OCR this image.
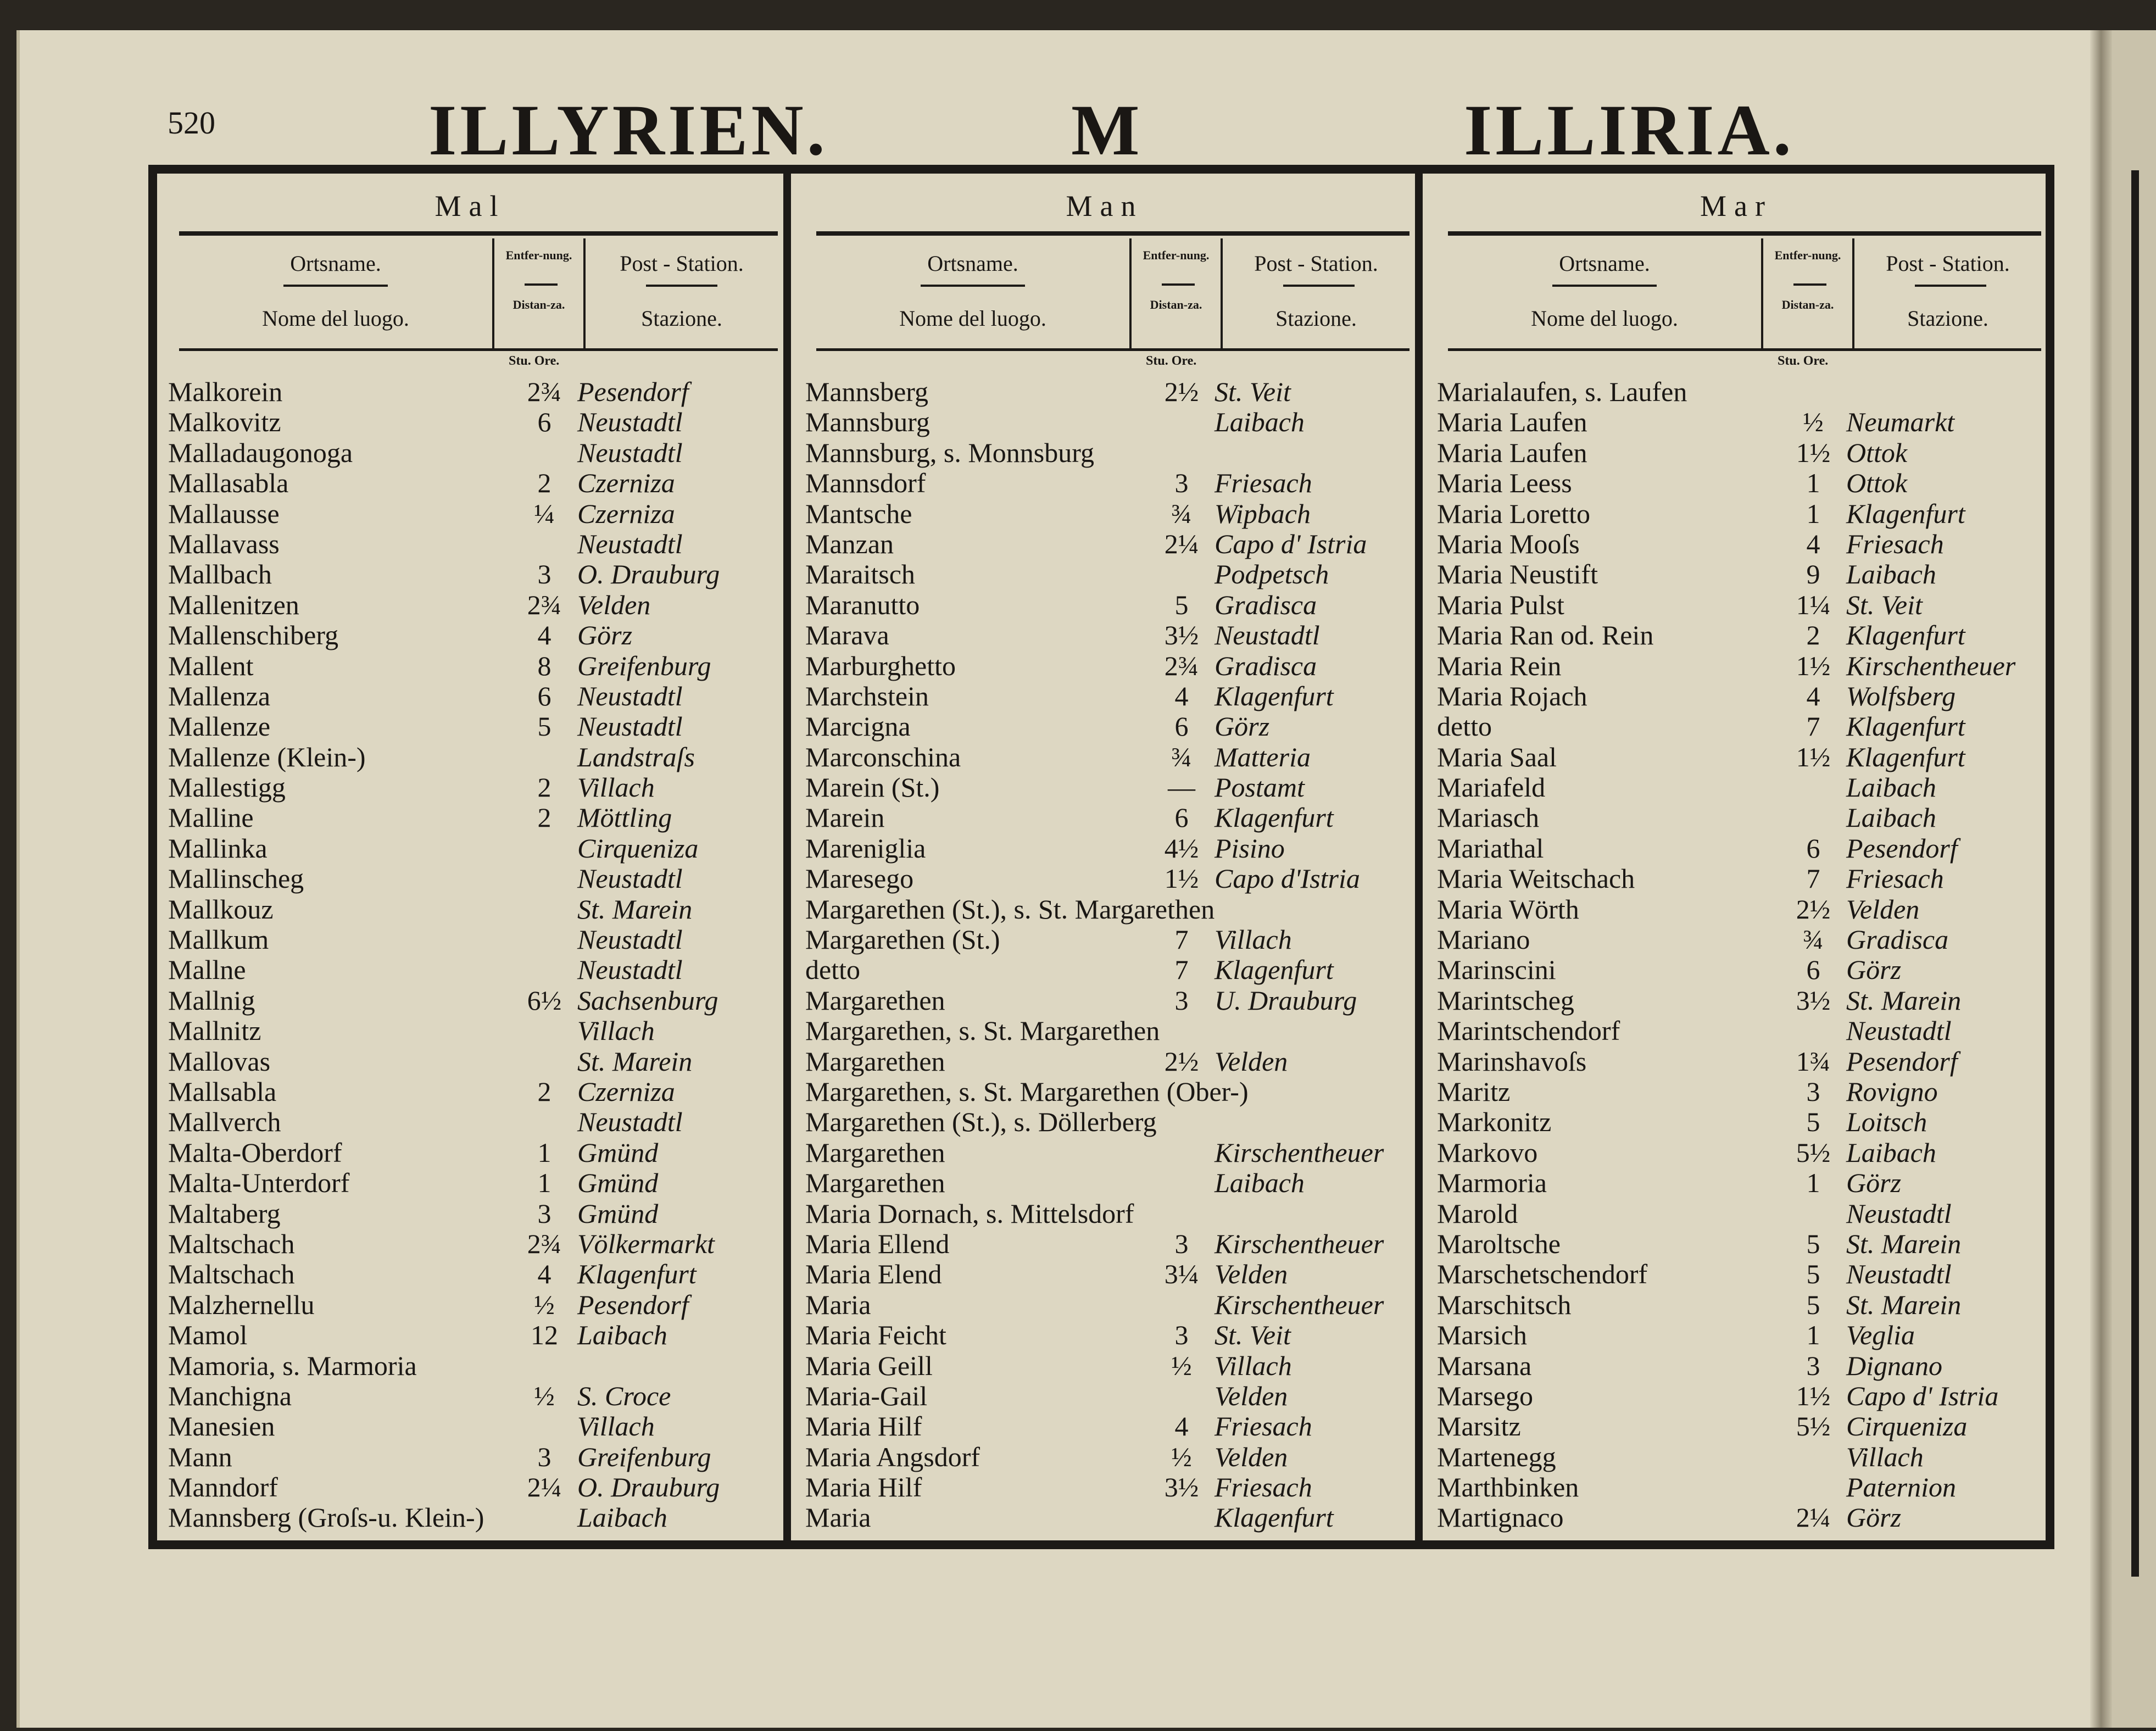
520	ILLYRIEN.	M	ILLIRIA.
Mal
Ortsname.
Nome del luogo.
Entfer-nung.
Distan-za.
Post - Station.
Stazione.
Stu. Ore.
Malkorein	2¾ Pesendorf
Malkovitz	6 Neustadtl
Malladaugonoga	Neustadtl
Mallasabla	2 Czerniza
Mallausse	¼ Czerniza
Mallavass	Neustadtl
Mallbach	3 O. Drauburg
Mallenitzen	2¾ Velden
Mallenschiberg	4 Görz
Mallent	8 Greifenburg
Mallenza	6 Neustadtl
Mallenze	5 Neustadtl
Mallenze (Klein-)	Landstraſs
Mallestigg	2 Villach
Malline	2 Möttling
Mallinka	Cirqueniza
Mallinscheg	Neustadtl
Mallkouz	St. Marein
Mallkum	Neustadtl
Mallne	Neustadtl
Mallnig	6½ Sachsenburg
Mallnitz	Villach
Mallovas	St. Marein
Mallsabla	2 Czerniza
Mallverch	Neustadtl
Malta-Oberdorf	1 Gmünd
Malta-Unterdorf	1 Gmünd
Maltaberg	3 Gmünd
Maltschach	2¾ Völkermarkt
Maltschach	4 Klagenfurt
Malzhernellu	½ Pesendorf
Mamol	12 Laibach
Mamoria, s. Marmoria
Manchigna	½ S. Croce
Manesien	Villach
Mann	3 Greifenburg
Manndorf	2¼ O. Drauburg
Mannsberg (Groſs-u. Klein-)	Laibach
Man
Ortsname.
Nome del luogo.
Entfer-nung.
Distan-za.
Post - Station.
Stazione.
Stu. Ore.
Mannsberg	2½ St. Veit
Mannsburg	Laibach
Mannsburg, s. Monnsburg
Mannsdorf	3 Friesach
Mantsche	¾ Wipbach
Manzan	2¼ Capo d' Istria
Maraitsch	Podpetsch
Maranutto	5 Gradisca
Marava	3½ Neustadtl
Marburghetto	2¾ Gradisca
Marchstein	4 Klagenfurt
Marcigna	6 Görz
Marconschina	¾ Matteria
Marein (St.)	— Postamt
Marein	6 Klagenfurt
Mareniglia	4½ Pisino
Maresego	1½ Capo d'Istria
Margarethen (St.), s. St. Margarethen
Margarethen (St.)	7 Villach
detto	7 Klagenfurt
Margarethen	3 U. Drauburg
Margarethen, s. St. Margarethen
Margarethen	2½ Velden
Margarethen, s. St. Margarethen (Ober-)
Margarethen (St.), s. Döllerberg
Margarethen	Kirschentheuer
Margarethen	Laibach
Maria Dornach, s. Mittelsdorf
Maria Ellend	3 Kirschentheuer
Maria Elend	3¼ Velden
Maria	Kirschentheuer
Maria Feicht	3 St. Veit
Maria Geill	½ Villach
Maria-Gail	Velden
Maria Hilf	4 Friesach
Maria Angsdorf	½ Velden
Maria Hilf	3½ Friesach
Maria	Klagenfurt
Mar
Ortsname.
Nome del luogo.
Entfer-nung.
Distan-za.
Post - Station.
Stazione.
Stu. Ore.
Marialaufen, s. Laufen
Maria Laufen	½ Neumarkt
Maria Laufen	1½ Ottok
Maria Leess	1 Ottok
Maria Loretto	1 Klagenfurt
Maria Mooſs	4 Friesach
Maria Neustift	9 Laibach
Maria Pulst	1¼ St. Veit
Maria Ran od. Rein	2 Klagenfurt
Maria Rein	1½ Kirschentheuer
Maria Rojach	4 Wolfsberg
detto	7 Klagenfurt
Maria Saal	1½ Klagenfurt
Mariafeld	Laibach
Mariasch	Laibach
Mariathal	6 Pesendorf
Maria Weitschach	7 Friesach
Maria Wörth	2½ Velden
Mariano	¾ Gradisca
Marinscini	6 Görz
Marintscheg	3½ St. Marein
Marintschendorf	Neustadtl
Marinshavoſs	1¾ Pesendorf
Maritz	3 Rovigno
Markonitz	5 Loitsch
Markovo	5½ Laibach
Marmoria	1 Görz
Marold	Neustadtl
Maroltsche	5 St. Marein
Marschetschendorf	5 Neustadtl
Marschitsch	5 St. Marein
Marsich	1 Veglia
Marsana	3 Dignano
Marsego	1½ Capo d' Istria
Marsitz	5½ Cirqueniza
Martenegg	Villach
Marthbinken	Paternion
Martignaco	2¼ Görz
